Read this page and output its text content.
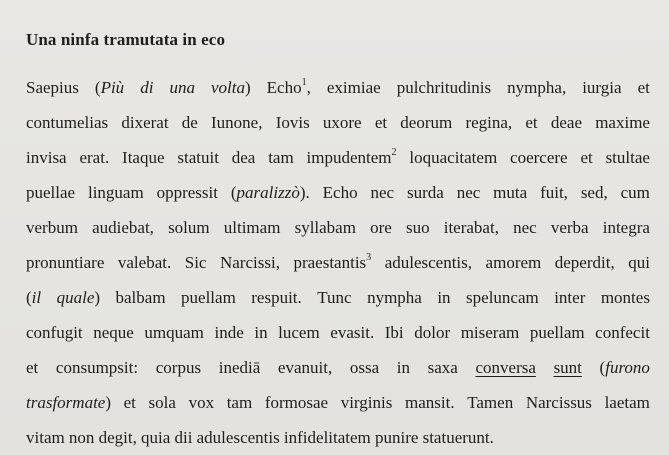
Una ninfa tramutata in eco
Saepius (Più di una volta) Echo$^1$, eximiae pulchritudinis nympha, iurgia et
contumelias dixerat de Iunone, Iovis uxore et deorum regina, et deae maxime
invisa erat. Itaque statuit dea tam impudentem$^2$ loquacitatem coercere et stultae
puellae linguam oppressit (paralizzò). Echo nec surda nec muta fuit, sed, cum
verbum audiebat, solum ultimam syllabam ore suo iterabat, nec verba integra
pronuntiare valebat. Sic Narcissi, praestantis$^3$ adulescentis, amorem deperdit, qui
(il quale) balbam puellam respuit. Tunc nympha in speluncam inter montes
confugit neque umquam inde in lucem evasit. Ibi dolor miseram puellam confecit
et consumpsit: corpus inediā evanuit, ossa in saxa conversa sunt (furono
trasformate) et sola vox tam formosae virginis mansit. Tamen Narcissus laetam
vitam non degit, quia dii adulescentis infidelitatem punire statuerunt.
